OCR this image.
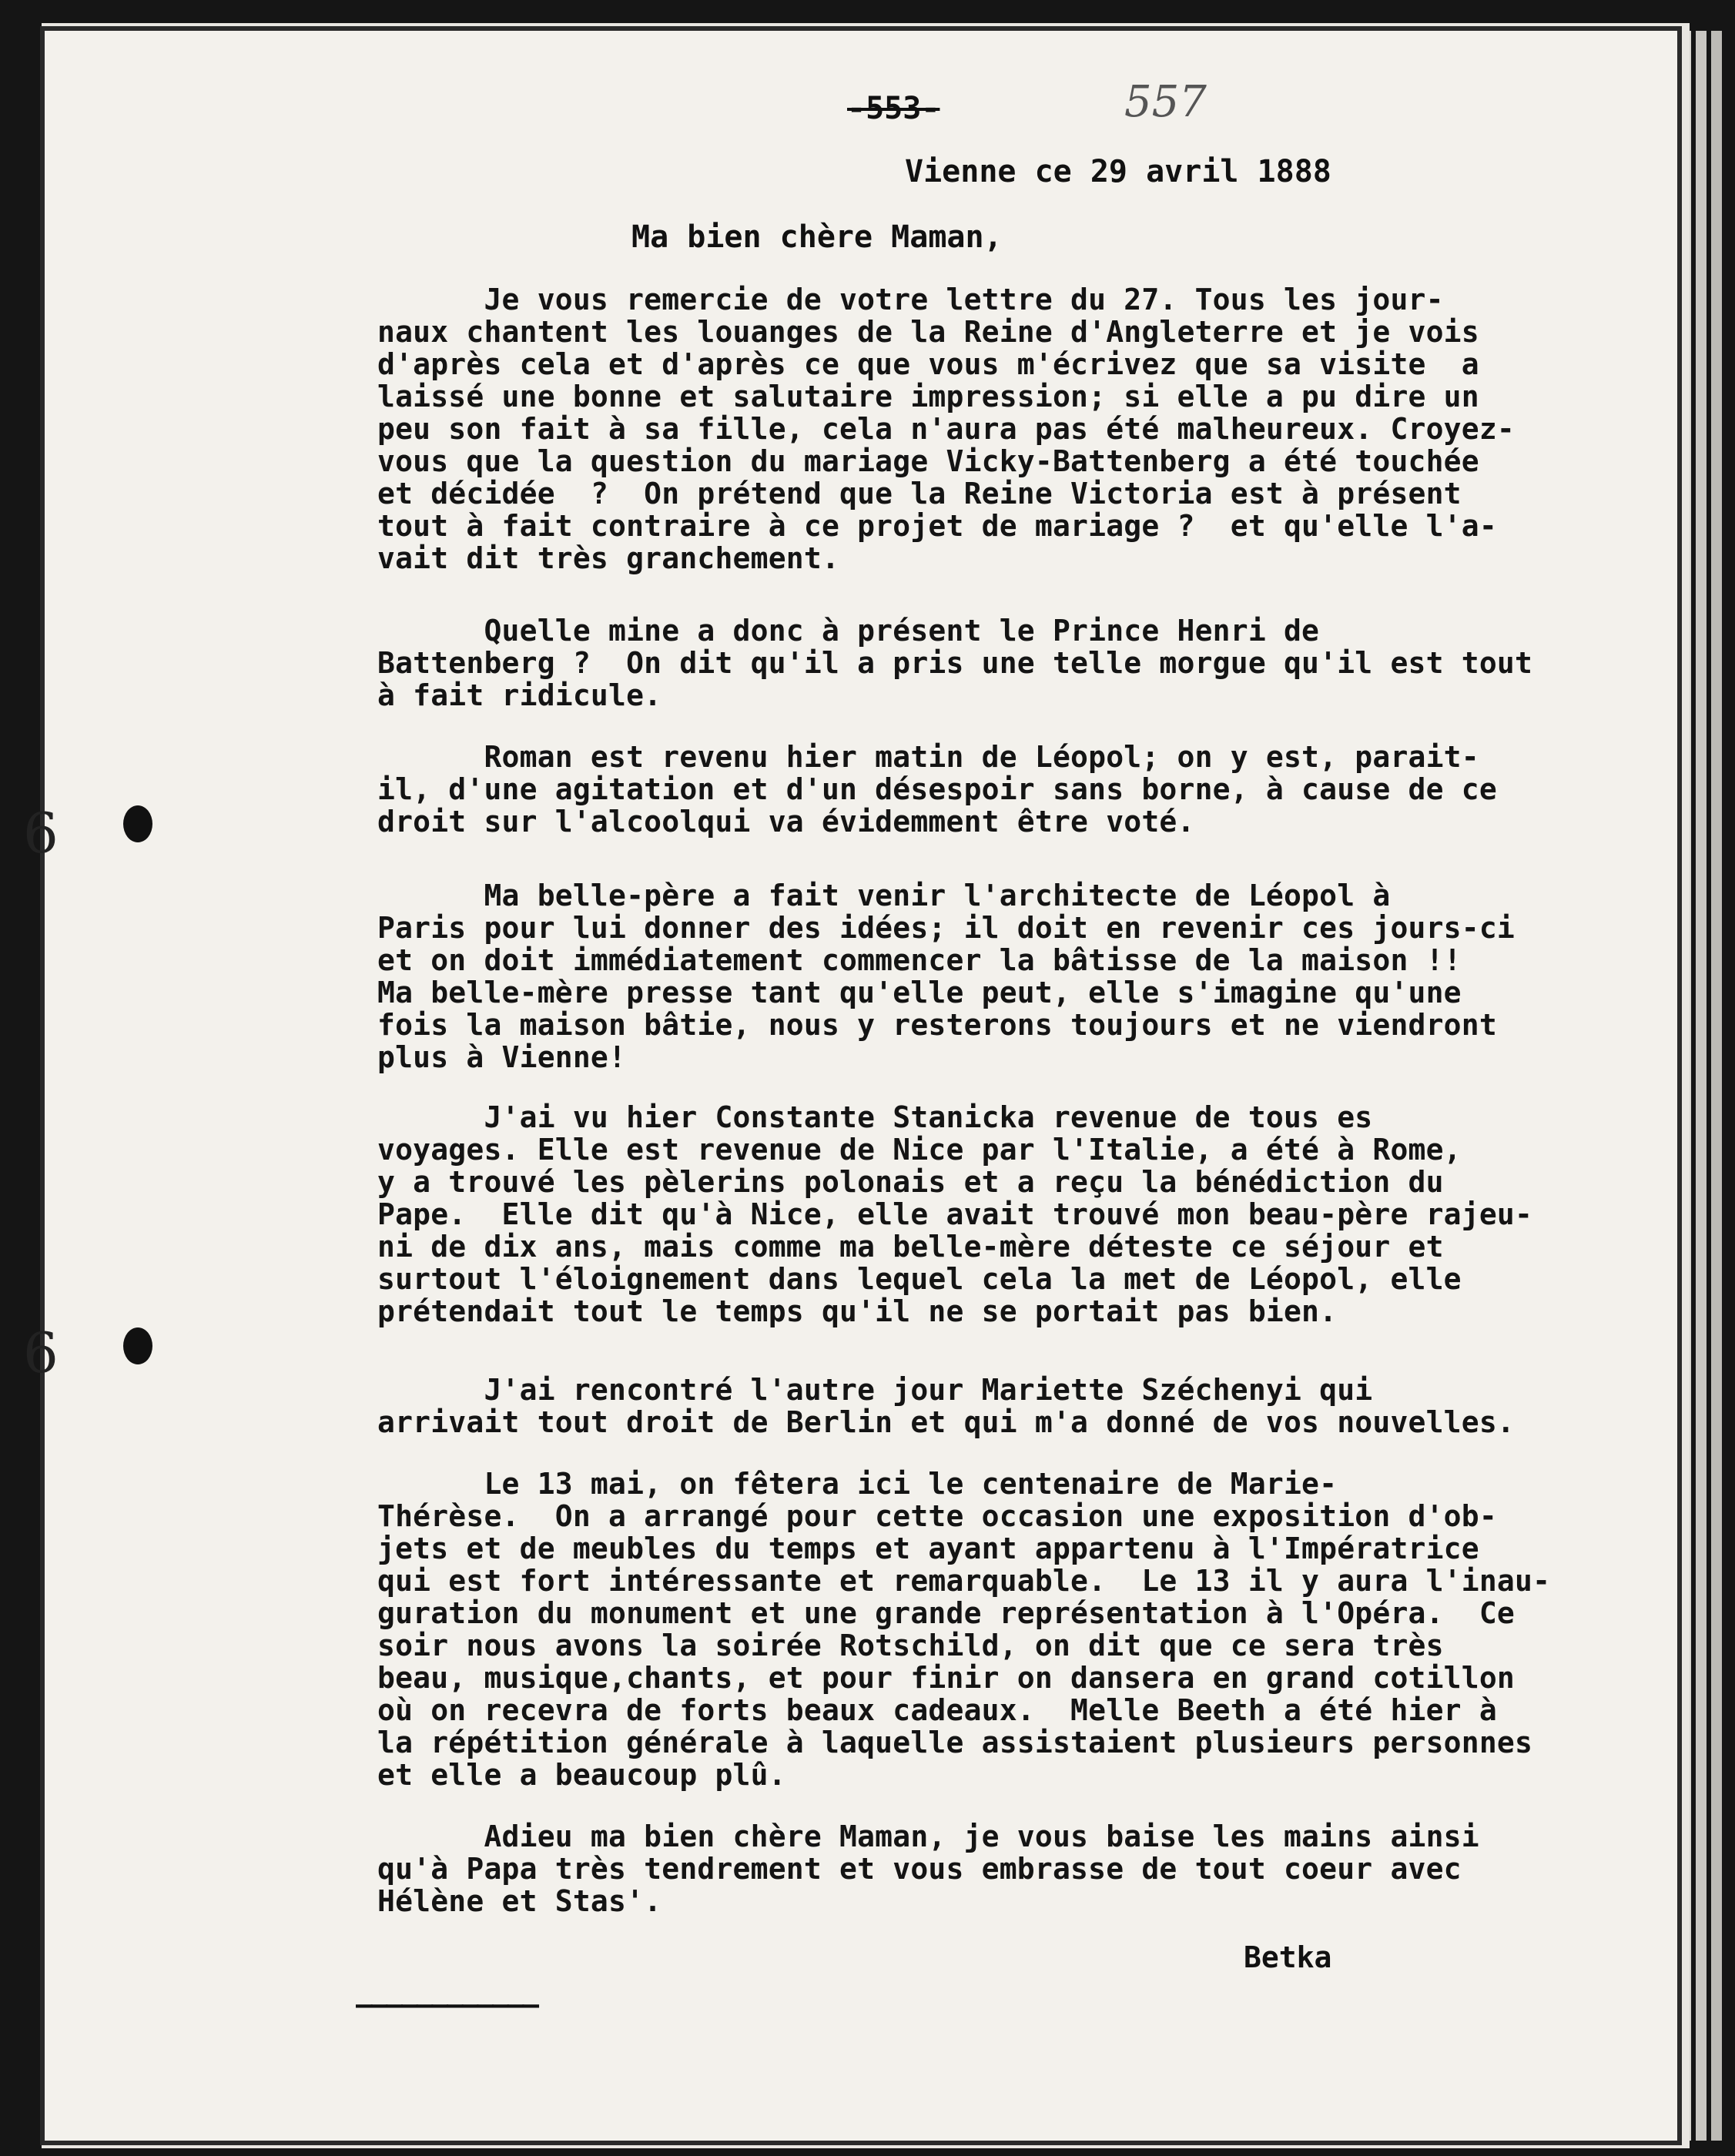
6
6
-553-	557
Vienne ce 29 avril 1888
Ma bien chère Maman,

Je vous remercie de votre lettre du 27. Tous les jour-
naux chantent les louanges de la Reine d'Angleterre et je vois
d'après cela et d'après ce que vous m'écrivez que sa visite  a
laissé une bonne et salutaire impression; si elle a pu dire un
peu son fait à sa fille, cela n'aura pas été malheureux. Croyez-
vous que la question du mariage Vicky-Battenberg a été touchée
et décidée  ?  On prétend que la Reine Victoria est à présent
tout à fait contraire à ce projet de mariage ?  et qu'elle l'a-
vait dit très granchement.

Quelle mine a donc à présent le Prince Henri de
Battenberg ?  On dit qu'il a pris une telle morgue qu'il est tout
à fait ridicule.

Roman est revenu hier matin de Léopol; on y est, parait-
il, d'une agitation et d'un désespoir sans borne, à cause de ce
droit sur l'alcoolqui va évidemment être voté.

Ma belle-père a fait venir l'architecte de Léopol à
Paris pour lui donner des idées; il doit en revenir ces jours-ci
et on doit immédiatement commencer la bâtisse de la maison !!
Ma belle-mère presse tant qu'elle peut, elle s'imagine qu'une
fois la maison bâtie, nous y resterons toujours et ne viendront
plus à Vienne!

J'ai vu hier Constante Stanicka revenue de tous es
voyages. Elle est revenue de Nice par l'Italie, a été à Rome,
y a trouvé les pèlerins polonais et a reçu la bénédiction du
Pape.  Elle dit qu'à Nice, elle avait trouvé mon beau-père rajeu-
ni de dix ans, mais comme ma belle-mère déteste ce séjour et
surtout l'éloignement dans lequel cela la met de Léopol, elle
prétendait tout le temps qu'il ne se portait pas bien.

J'ai rencontré l'autre jour Mariette Széchenyi qui
arrivait tout droit de Berlin et qui m'a donné de vos nouvelles.

Le 13 mai, on fêtera ici le centenaire de Marie-
Thérèse.  On a arrangé pour cette occasion une exposition d'ob-
jets et de meubles du temps et ayant appartenu à l'Impératrice
qui est fort intéressante et remarquable.  Le 13 il y aura l'inau-
guration du monument et une grande représentation à l'Opéra.  Ce
soir nous avons la soirée Rotschild, on dit que ce sera très
beau, musique,chants, et pour finir on dansera en grand cotillon
où on recevra de forts beaux cadeaux.  Melle Beeth a été hier à
la répétition générale à laquelle assistaient plusieurs personnes
et elle a beaucoup plû.

Adieu ma bien chère Maman, je vous baise les mains ainsi
qu'à Papa très tendrement et vous embrasse de tout coeur avec
Hélène et Stas'.

Betka
————————————
